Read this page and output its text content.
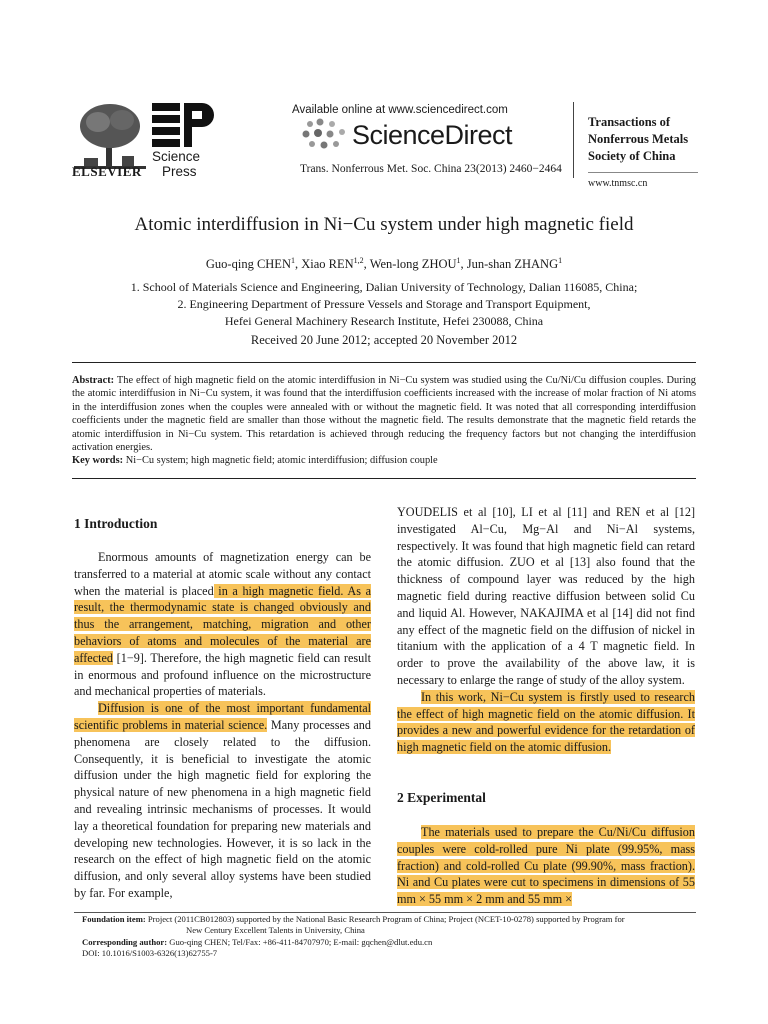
ELSEVIER
Science
Press
Available online at www.sciencedirect.com
ScienceDirect
Trans. Nonferrous Met. Soc. China 23(2013) 2460−2464
Transactions of
Nonferrous Metals
Society of China
www.tnmsc.cn
Atomic interdiffusion in Ni−Cu system under high magnetic field
Guo-qing CHEN$^1$, Xiao REN$^{1,2}$, Wen-long ZHOU$^1$, Jun-shan ZHANG$^1$
1. School of Materials Science and Engineering, Dalian University of Technology, Dalian 116085, China;
2. Engineering Department of Pressure Vessels and Storage and Transport Equipment,
Hefei General Machinery Research Institute, Hefei 230088, China
Received 20 June 2012; accepted 20 November 2012
Abstract: The effect of high magnetic field on the atomic interdiffusion in Ni−Cu system was studied using the Cu/Ni/Cu diffusion couples. During the atomic interdiffusion in Ni−Cu system, it was found that the interdiffusion coefficients increased with the increase of molar fraction of Ni atoms in the interdiffusion zones when the couples were annealed with or without the magnetic field. It was noted that all corresponding interdiffusion coefficients under the magnetic field are smaller than those without the magnetic field. The results demonstrate that the magnetic field retards the atomic interdiffusion in Ni−Cu system. This retardation is achieved through reducing the frequency factors but not changing the interdiffusion activation energies.
Key words: Ni−Cu system; high magnetic field; atomic interdiffusion; diffusion couple
1 Introduction

Enormous amounts of magnetization energy can be transferred to a material at atomic scale without any contact when the material is placed in a high magnetic field. As a result, the thermodynamic state is changed obviously and thus the arrangement, matching, migration and other behaviors of atoms and molecules of the material are affected [1−9]. Therefore, the high magnetic field can result in enormous and profound influence on the microstructure and mechanical properties of materials.

Diffusion is one of the most important fundamental scientific problems in material science. Many processes and phenomena are closely related to the diffusion. Consequently, it is beneficial to investigate the atomic diffusion under the high magnetic field for exploring the physical nature of new phenomena in a high magnetic field and revealing intrinsic mechanisms of processes. It would lay a theoretical foundation for preparing new materials and developing new technologies. However, it is so lack in the research on the effect of high magnetic field on the atomic diffusion, and only several alloy systems have been studied by far. For example,

YOUDELIS et al [10], LI et al [11] and REN et al [12] investigated Al−Cu, Mg−Al and Ni−Al systems, respectively. It was found that high magnetic field can retard the atomic diffusion. ZUO et al [13] also found that the thickness of compound layer was reduced by the high magnetic field during reactive diffusion between solid Cu and liquid Al. However, NAKAJIMA et al [14] did not find any effect of the magnetic field on the diffusion of nickel in titanium with the application of a 4 T magnetic field. In order to prove the availability of the above law, it is necessary to enlarge the range of study of the alloy system.

In this work, Ni−Cu system is firstly used to research the effect of high magnetic field on the atomic diffusion. It provides a new and powerful evidence for the retardation of high magnetic field on the atomic diffusion.

2 Experimental

The materials used to prepare the Cu/Ni/Cu diffusion couples were cold-rolled pure Ni plate (99.95%, mass fraction) and cold-rolled Cu plate (99.90%, mass fraction). Ni and Cu plates were cut to specimens in dimensions of 55 mm × 55 mm × 2 mm and 55 mm ×

Foundation item: Project (2011CB012803) supported by the National Basic Research Program of China; Project (NCET-10-0278) supported by Program for
New Century Excellent Talents in University, China
Corresponding author: Guo-qing CHEN; Tel/Fax: +86-411-84707970; E-mail: gqchen@dlut.edu.cn
DOI: 10.1016/S1003-6326(13)62755-7
